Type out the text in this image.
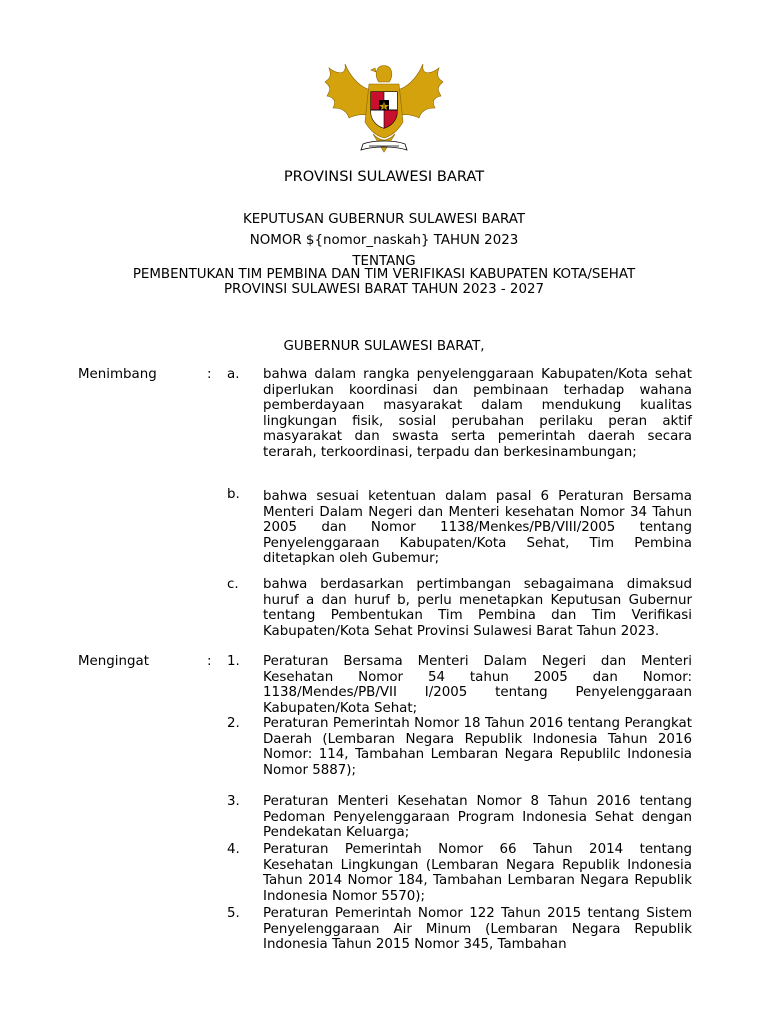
PROVINSI SULAWESI BARAT
KEPUTUSAN GUBERNUR SULAWESI BARAT
NOMOR ${nomor_naskah} TAHUN 2023
TENTANG
PEMBENTUKAN TIM PEMBINA DAN TIM VERIFIKASI KABUPATEN KOTA/SEHAT
PROVINSI SULAWESI BARAT TAHUN 2023 - 2027
GUBERNUR SULAWESI BARAT,
Menimbang	: a. bahwa dalam rangka penyelenggaraan Kabupaten/Kota sehat diperlukan koordinasi dan pembinaan terhadap wahana pemberdayaan masyarakat dalam mendukung kualitas lingkungan fisik, sosial perubahan perilaku peran aktif masyarakat dan swasta serta pemerintah daerah secara terarah, terkoordinasi, terpadu dan berkesinambungan;

b. bahwa sesuai ketentuan dalam pasal 6 Peraturan Bersama Menteri Dalam Negeri dan Menteri kesehatan Nomor 34 Tahun 2005 dan Nomor 1138/Menkes/PB/VIII/2005 tentang Penyelenggaraan Kabupaten/Kota Sehat, Tim Pembina ditetapkan oleh Gubemur;

c. bahwa berdasarkan pertimbangan sebagaimana dimaksud huruf a dan huruf b, perlu menetapkan Keputusan Gubernur tentang Pembentukan Tim Pembina dan Tim Verifikasi Kabupaten/Kota Sehat Provinsi Sulawesi Barat Tahun 2023.

Mengingat	: 1. Peraturan Bersama Menteri Dalam Negeri dan Menteri Kesehatan Nomor 54 tahun 2005 dan Nomor: 1138/Mendes/PB/VII I/2005 tentang Penyelenggaraan Kabupaten/Kota Sehat;

2. Peraturan Pemerintah Nomor 18 Tahun 2016 tentang Perangkat Daerah (Lembaran Negara Republik Indonesia Tahun 2016 Nomor: 114, Tambahan Lembaran Negara Republilc Indonesia Nomor 5887);

3. Peraturan Menteri Kesehatan Nomor 8 Tahun 2016 tentang Pedoman Penyelenggaraan Program Indonesia Sehat dengan Pendekatan Keluarga;

4. Peraturan Pemerintah Nomor 66 Tahun 2014 tentang Kesehatan Lingkungan (Lembaran Negara Republik Indonesia Tahun 2014 Nomor 184, Tambahan Lembaran Negara Republik Indonesia Nomor 5570);

5. Peraturan Pemerintah Nomor 122 Tahun 2015 tentang Sistem Penyelenggaraan Air Minum (Lembaran Negara Republik Indonesia Tahun 2015 Nomor 345, Tambahan
